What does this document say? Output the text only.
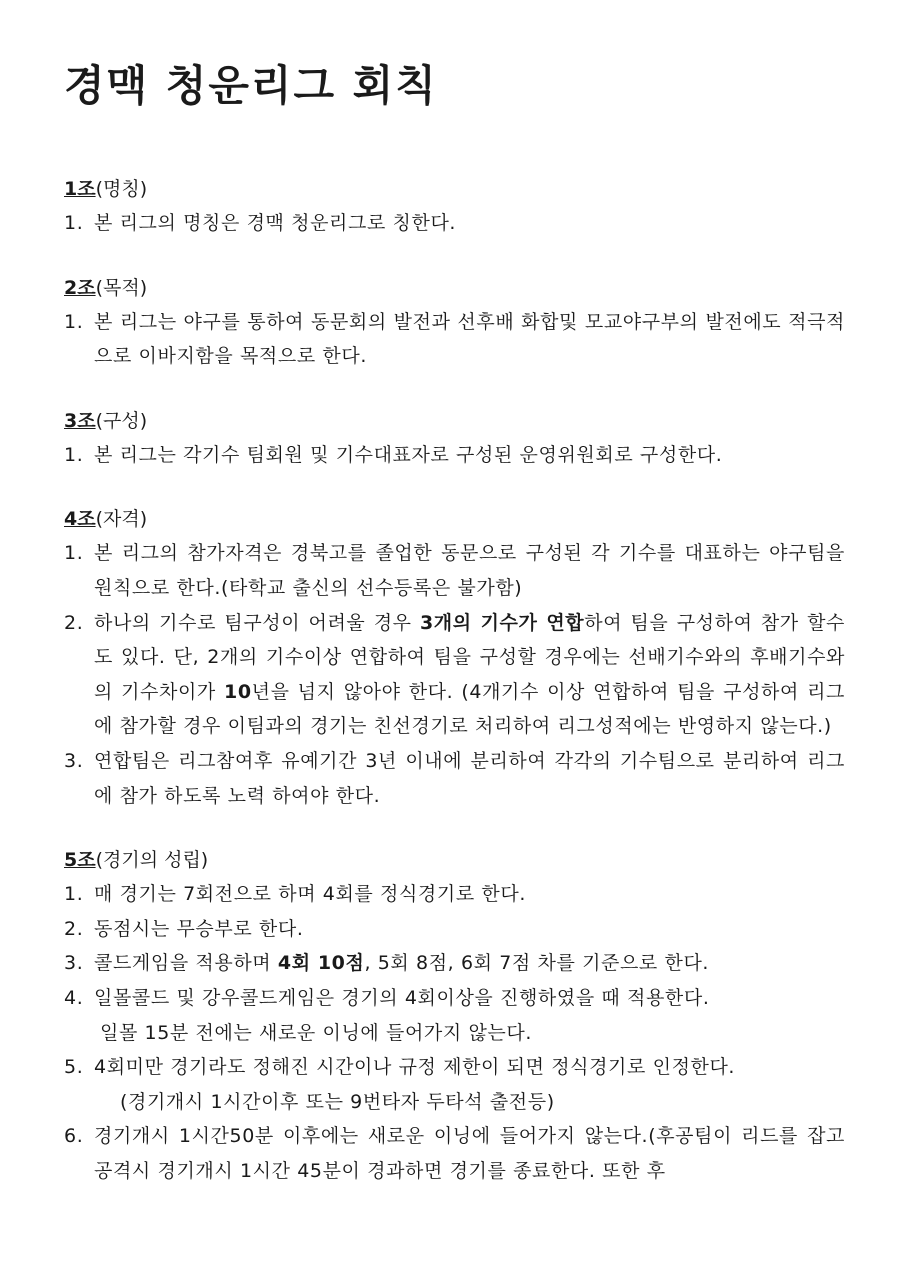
경맥 청운리그 회칙
1조(명칭)
1. 본 리그의 명칭은 경맥 청운리그로 칭한다.
2조(목적)
1. 본 리그는 야구를 통하여 동문회의 발전과 선후배 화합및 모교야구부의 발전에도 적극적으로 이바지함을 목적으로 한다.
3조(구성)
1. 본 리그는 각기수 팀회원 및 기수대표자로 구성된 운영위원회로 구성한다.
4조(자격)
1. 본 리그의 참가자격은 경북고를 졸업한 동문으로 구성된 각 기수를 대표하는 야구팀을 원칙으로 한다.(타학교 출신의 선수등록은 불가함)
2. 하나의 기수로 팀구성이 어려울 경우 3개의 기수가 연합하여 팀을 구성하여 참가 할수도 있다. 단, 2개의 기수이상 연합하여 팀을 구성할 경우에는 선배기수와의 후배기수와의 기수차이가 10년을 넘지 않아야 한다. (4개기수 이상 연합하여 팀을 구성하여 리그에 참가할 경우 이팀과의 경기는 친선경기로 처리하여 리그성적에는 반영하지 않는다.)
3. 연합팀은 리그참여후 유예기간 3년 이내에 분리하여 각각의 기수팀으로 분리하여 리그에 참가 하도록 노력 하여야 한다.
5조(경기의 성립)
1. 매 경기는 7회전으로 하며 4회를 정식경기로 한다.
2. 동점시는 무승부로 한다.
3. 콜드게임을 적용하며 4회 10점, 5회 8점, 6회 7점 차를 기준으로 한다.
4. 일몰콜드 및 강우콜드게임은 경기의 4회이상을 진행하였을 때 적용한다.
일몰 15분 전에는 새로운 이닝에 들어가지 않는다.
5. 4회미만 경기라도 정해진 시간이나 규정 제한이 되면 정식경기로 인정한다.
(경기개시 1시간이후 또는 9번타자 두타석 출전등)
6. 경기개시 1시간50분 이후에는 새로운 이닝에 들어가지 않는다.(후공팀이 리드를 잡고 공격시 경기개시 1시간 45분이 경과하면 경기를 종료한다. 또한 후
